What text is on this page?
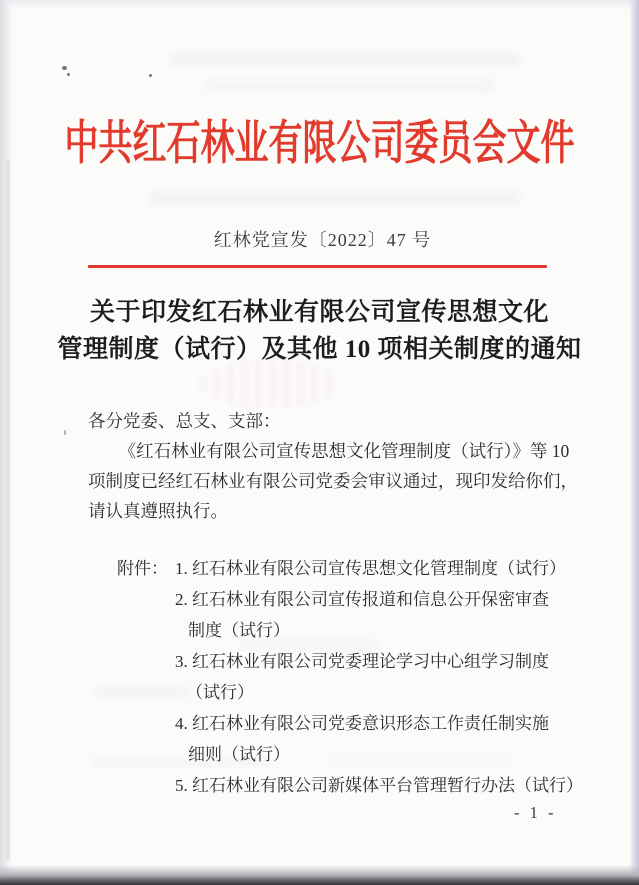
中共红石林业有限公司委员会文件
红林党宣发〔2022〕47 号
关于印发红石林业有限公司宣传思想文化
管理制度（试行）及其他 10 项相关制度的通知
各分党委、总支、支部：
《红石林业有限公司宣传思想文化管理制度（试行）》等 10
项制度已经红石林业有限公司党委会审议通过，现印发给你们，
请认真遵照执行。
附件： 1. 红石林业有限公司宣传思想文化管理制度（试行）
2. 红石林业有限公司宣传报道和信息公开保密审查
制度（试行）
3. 红石林业有限公司党委理论学习中心组学习制度
（试行）
4. 红石林业有限公司党委意识形态工作责任制实施
细则（试行）
5. 红石林业有限公司新媒体平台管理暂行办法（试行）
- 1 -
